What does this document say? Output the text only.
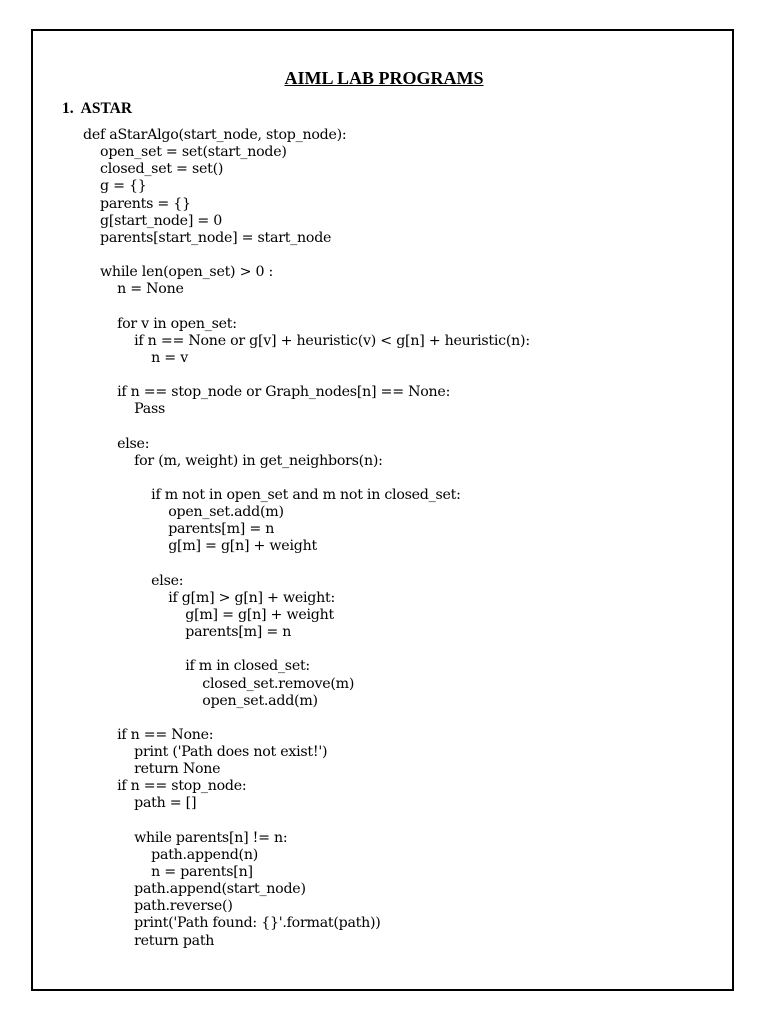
AIML LAB PROGRAMS
1. ASTAR
def aStarAlgo(start_node, stop_node):
open_set = set(start_node)
closed_set = set()
g = {}
parents = {}
g[start_node] = 0
parents[start_node] = start_node
while len(open_set) > 0 :
n = None
for v in open_set:
if n == None or g[v] + heuristic(v) < g[n] + heuristic(n):
n = v
if n == stop_node or Graph_nodes[n] == None:
Pass
else:
for (m, weight) in get_neighbors(n):
if m not in open_set and m not in closed_set:
open_set.add(m)
parents[m] = n
g[m] = g[n] + weight
else:
if g[m] > g[n] + weight:
g[m] = g[n] + weight
parents[m] = n
if m in closed_set:
closed_set.remove(m)
open_set.add(m)
if n == None:
print ('Path does not exist!')
return None
if n == stop_node:
path = []
while parents[n] != n:
path.append(n)
n = parents[n]
path.append(start_node)
path.reverse()
print('Path found: {}'.format(path))
return path
